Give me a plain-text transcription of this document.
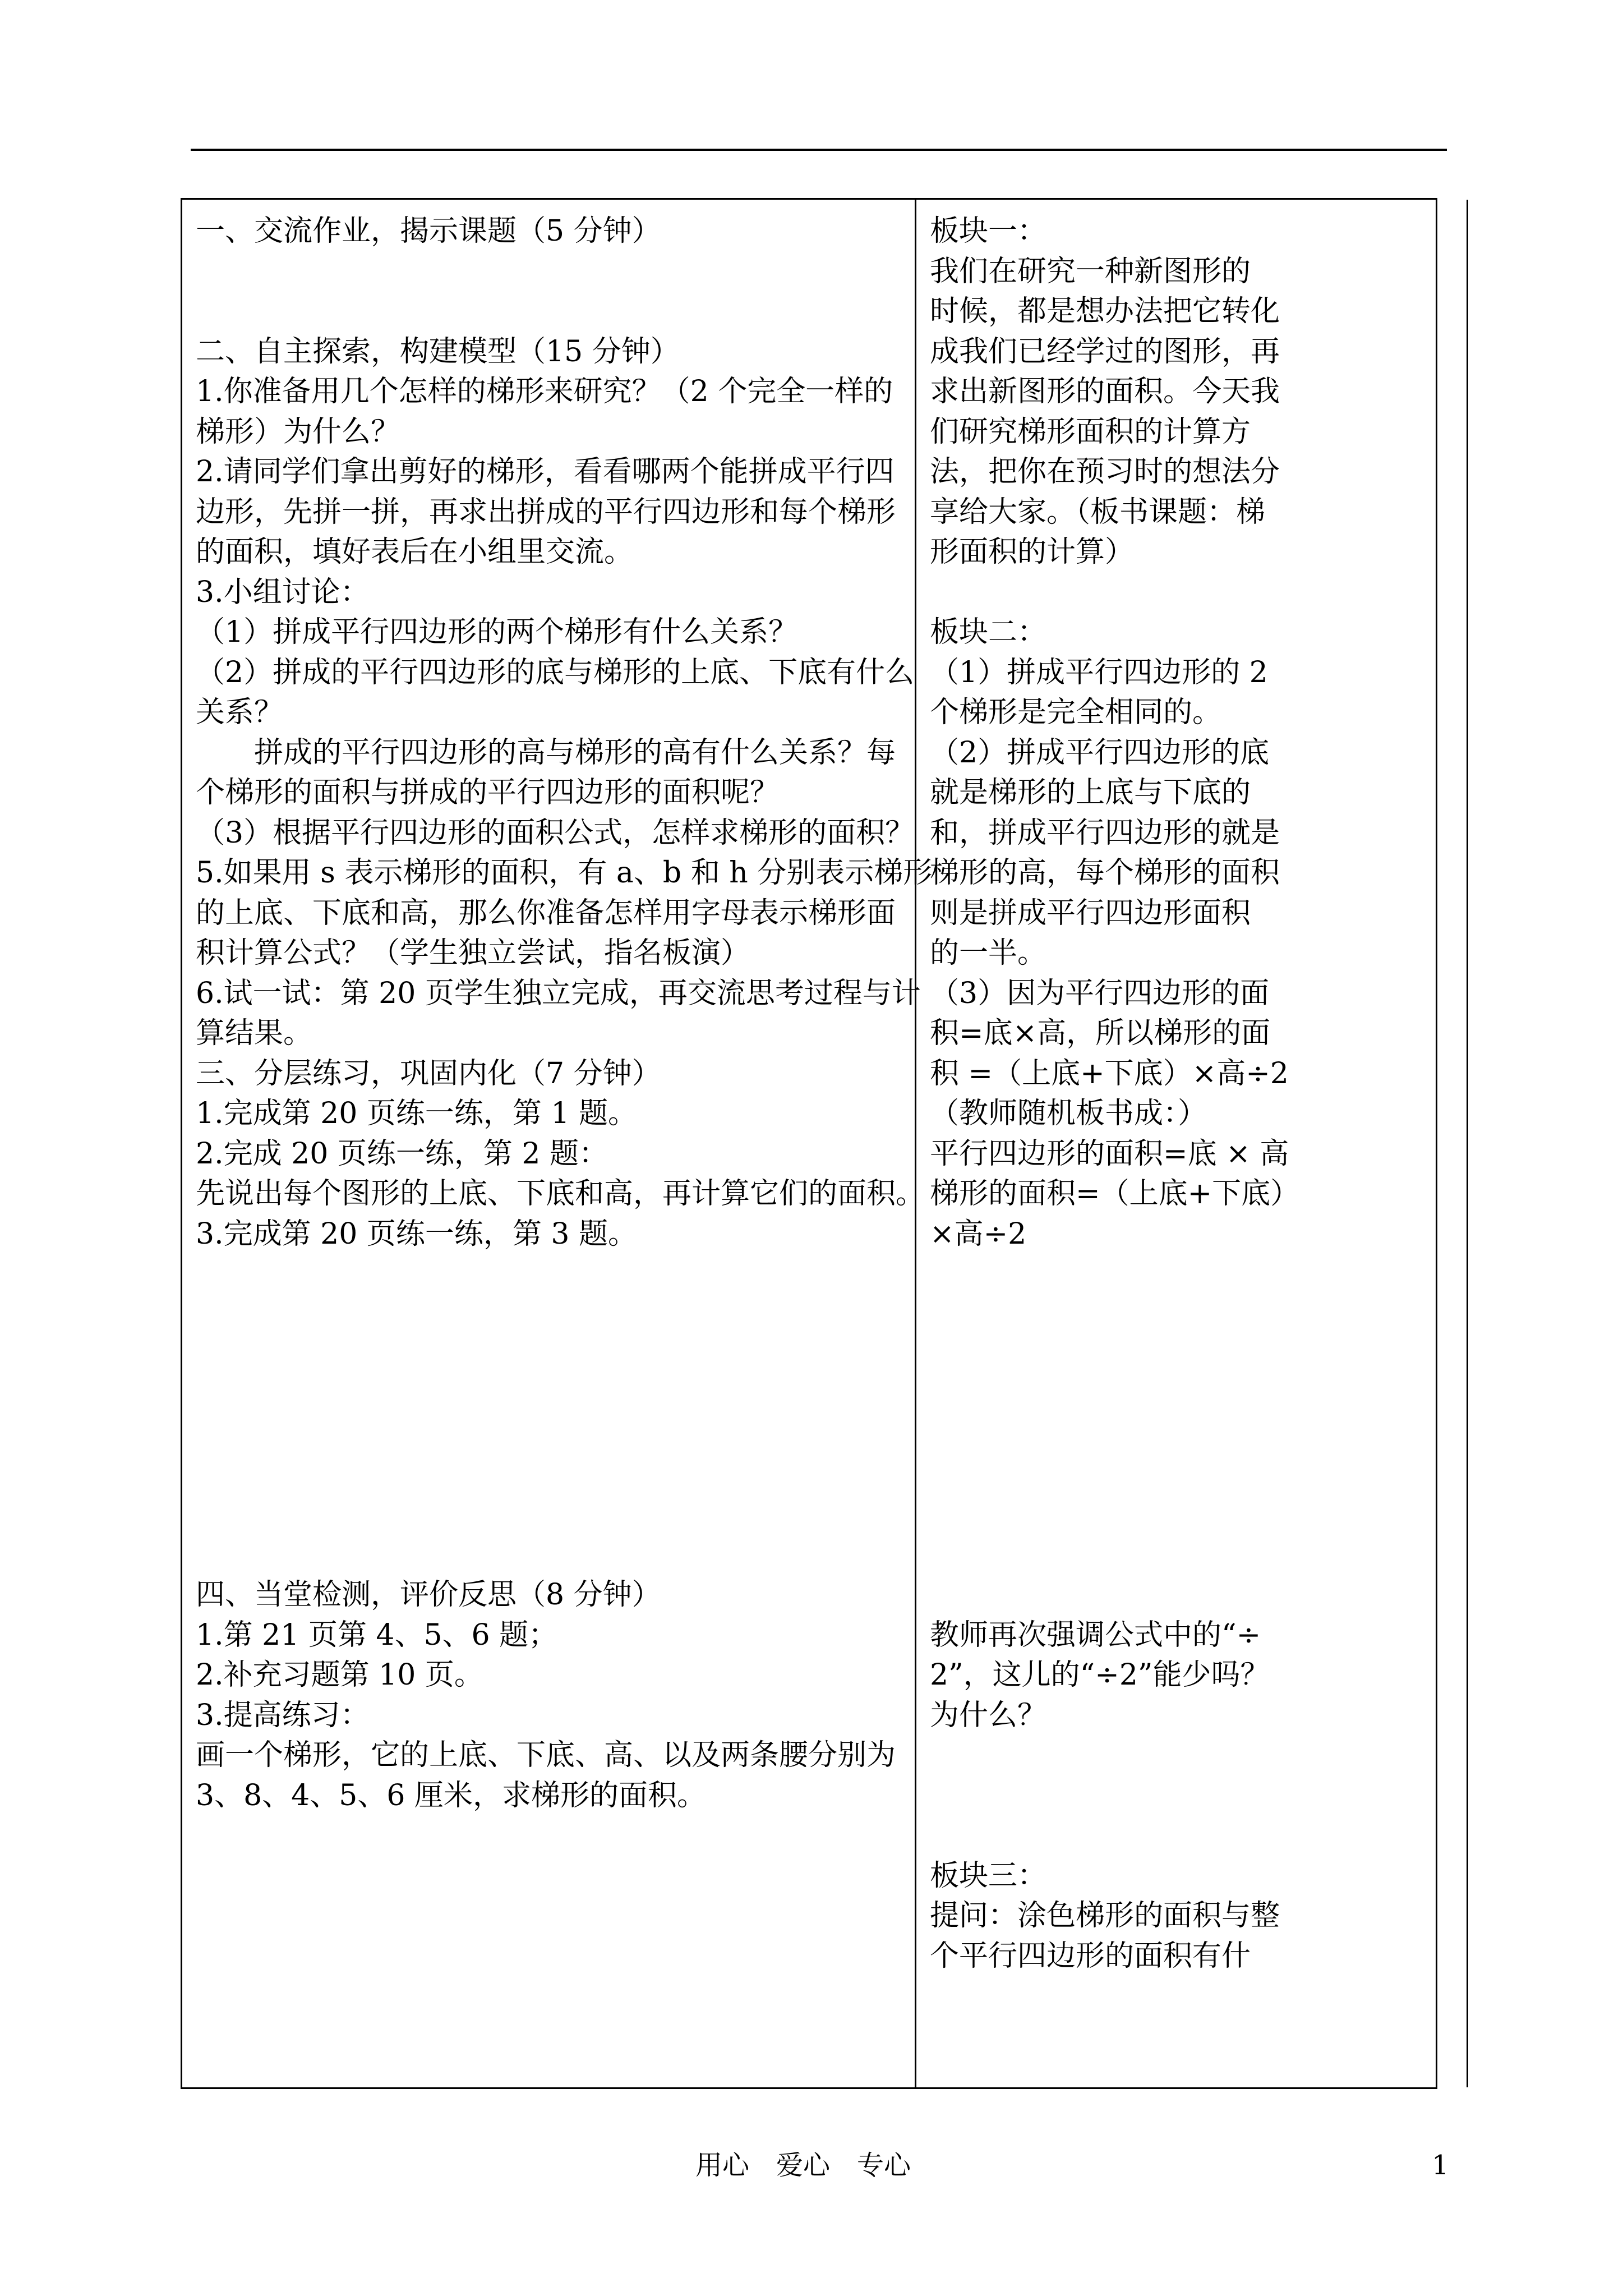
一、交流作业，揭示课题（5 分钟）
二、自主探索，构建模型（15 分钟）
1.你准备用几个怎样的梯形来研究？（2 个完全一样的
梯形）为什么？
2.请同学们拿出剪好的梯形，看看哪两个能拼成平行四
边形，先拼一拼，再求出拼成的平行四边形和每个梯形
的面积，填好表后在小组里交流。
3.小组讨论：
（1）拼成平行四边形的两个梯形有什么关系？
（2）拼成的平行四边形的底与梯形的上底、下底有什么
关系？
　　拼成的平行四边形的高与梯形的高有什么关系？每
个梯形的面积与拼成的平行四边形的面积呢？
（3）根据平行四边形的面积公式，怎样求梯形的面积？
5.如果用 s 表示梯形的面积，有 a、b 和 h 分别表示梯形
的上底、下底和高，那么你准备怎样用字母表示梯形面
积计算公式？（学生独立尝试，指名板演）
6.试一试：第 20 页学生独立完成，再交流思考过程与计
算结果。
三、分层练习，巩固内化（7 分钟）
1.完成第 20 页练一练，第 1 题。
2.完成 20 页练一练，第 2 题：
先说出每个图形的上底、下底和高，再计算它们的面积。
3.完成第 20 页练一练，第 3 题。
四、当堂检测，评价反思（8 分钟）
1.第 21 页第 4、5、6 题；
2.补充习题第 10 页。
3.提高练习：
画一个梯形，它的上底、下底、高、以及两条腰分别为
3、8、4、5、6 厘米，求梯形的面积。
板块一：
我们在研究一种新图形的
时候，都是想办法把它转化
成我们已经学过的图形，再
求出新图形的面积。今天我
们研究梯形面积的计算方
法，把你在预习时的想法分
享给大家。（板书课题：梯
形面积的计算）
板块二：
（1）拼成平行四边形的 2
个梯形是完全相同的。
（2）拼成平行四边形的底
就是梯形的上底与下底的
和，拼成平行四边形的就是
梯形的高，每个梯形的面积
则是拼成平行四边形面积
的一半。
（3）因为平行四边形的面
积=底×高，所以梯形的面
积 =（上底+下底）×高÷2
（教师随机板书成：）
平行四边形的面积=底 × 高
梯形的面积=（上底+下底）
×高÷2
教师再次强调公式中的“÷
2”，这儿的“÷2”能少吗？
为什么？
板块三：
提问：涂色梯形的面积与整
个平行四边形的面积有什
用心　爱心　专心	1
